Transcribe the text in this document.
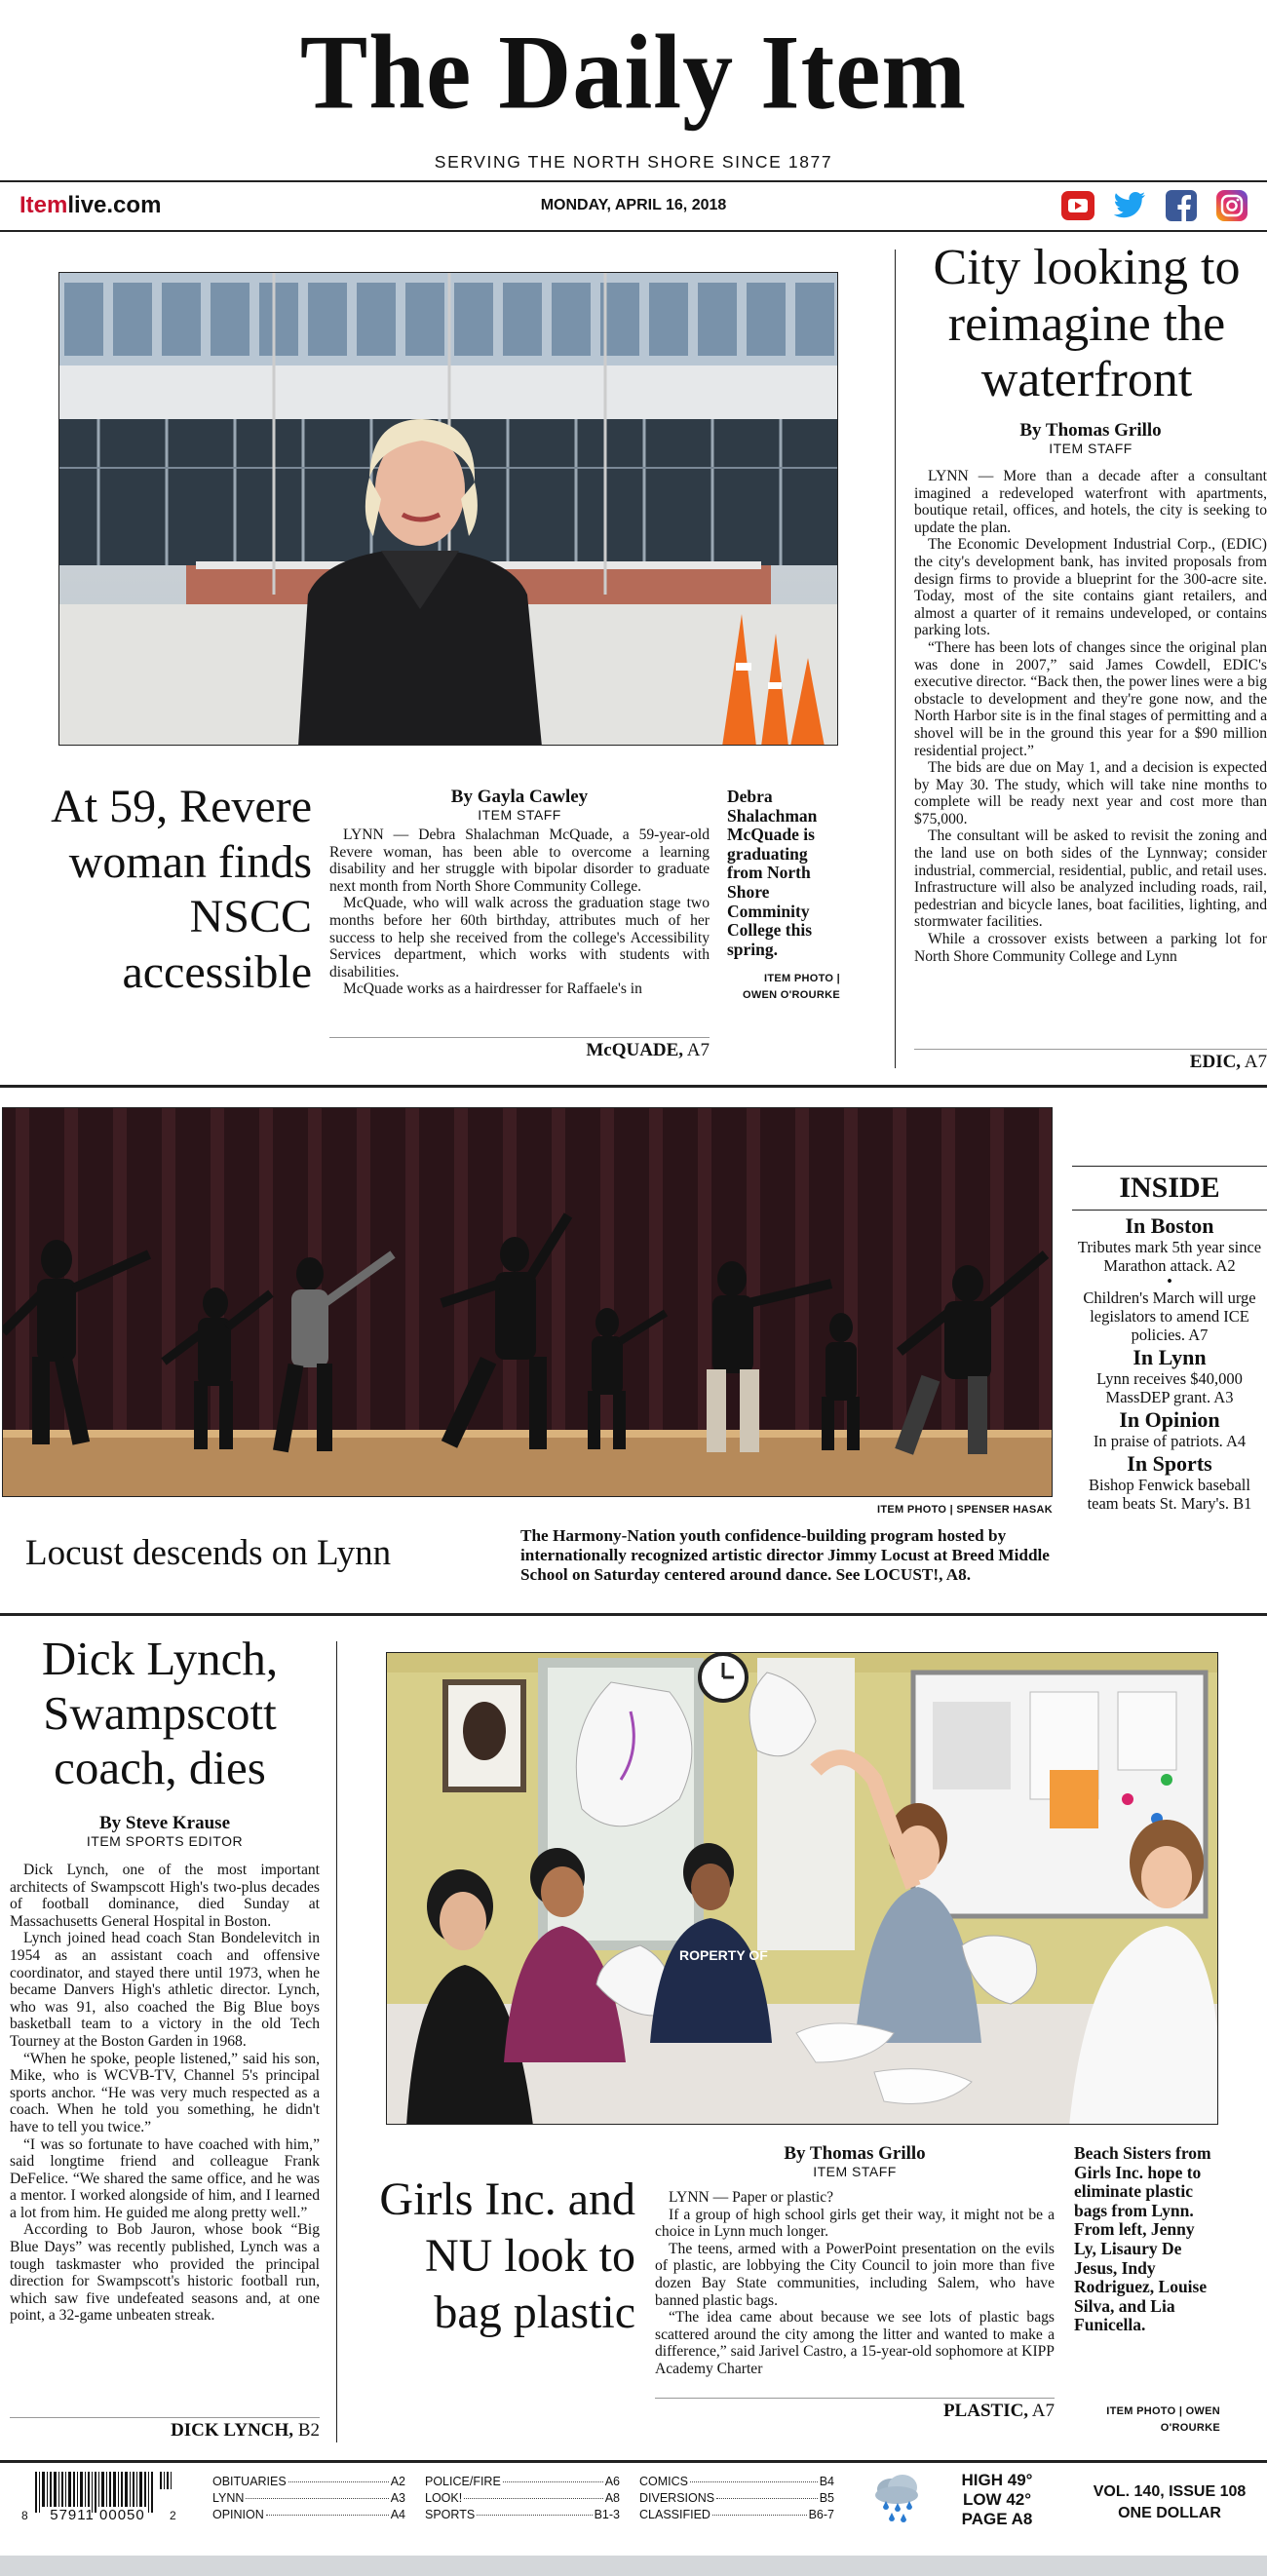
The Daily Item
SERVING THE NORTH SHORE SINCE 1877
Itemlive.com	MONDAY, APRIL 16, 2018
At 59, Revere woman finds NSCC accessible
By Gayla Cawley
ITEM STAFF

LYNN — Debra Shalachman McQuade, a 59-year-old Revere woman, has been able to overcome a learning disability and her struggle with bipolar disorder to graduate next month from North Shore Community College.

McQuade, who will walk across the graduation stage two months before her 60th birthday, attributes much of her success to help she received from the college's Accessibility Services department, which works with students with disabilities.

McQuade works as a hairdresser for Raffaele's in

McQUADE, A7
Debra Shalachman McQuade is graduating from North Shore Comminity College this spring.
ITEM PHOTO |
OWEN O'ROURKE
City looking to reimagine the waterfront
By Thomas Grillo
ITEM STAFF

LYNN — More than a decade after a consultant imagined a redeveloped waterfront with apartments, boutique retail, offices, and hotels, the city is seeking to update the plan.

The Economic Development Industrial Corp., (EDIC) the city's development bank, has invited proposals from design firms to provide a blueprint for the 300-acre site. Today, most of the site contains giant retailers, and almost a quarter of it remains undeveloped, or contains parking lots.

“There has been lots of changes since the original plan was done in 2007,” said James Cowdell, EDIC's executive director. “Back then, the power lines were a big obstacle to development and they're gone now, and the North Harbor site is in the final stages of permitting and a shovel will be in the ground this year for a $90 million residential project.”

The bids are due on May 1, and a decision is expected by May 30. The study, which will take nine months to complete will be ready next year and cost more than $75,000.

The consultant will be asked to revisit the zoning and the land use on both sides of the Lynnway; consider industrial, commercial, residential, public, and retail uses. Infrastructure will also be analyzed including roads, rail, pedestrian and bicycle lanes, boat facilities, lighting, and stormwater facilities.

While a crossover exists between a parking lot for North Shore Community College and Lynn

EDIC, A7
ITEM PHOTO | SPENSER HASAK
Locust descends on Lynn	The Harmony-Nation youth confidence-building program hosted by internationally recognized artistic director Jimmy Locust at Breed Middle School on Saturday centered around dance. See LOCUST!, A8.
INSIDE
In Boston
Tributes mark 5th year since Marathon attack. A2
•
Children's March will urge legislators to amend ICE policies. A7
In Lynn
Lynn receives $40,000 MassDEP grant. A3
In Opinion
In praise of patriots. A4
In Sports
Bishop Fenwick baseball team beats St. Mary's. B1
Dick Lynch, Swampscott coach, dies
By Steve Krause
ITEM SPORTS EDITOR

Dick Lynch, one of the most important architects of Swampscott High's two-plus decades of football dominance, died Sunday at Massachusetts General Hospital in Boston.

Lynch joined head coach Stan Bondelevitch in 1954 as an assistant coach and offensive coordinator, and stayed there until 1973, when he became Danvers High's athletic director. Lynch, who was 91, also coached the Big Blue boys basketball team to a victory in the old Tech Tourney at the Boston Garden in 1968.

“When he spoke, people listened,” said his son, Mike, who is WCVB-TV, Channel 5's principal sports anchor. “He was very much respected as a coach. When he told you something, he didn't have to tell you twice.”

“I was so fortunate to have coached with him,” said longtime friend and colleague Frank DeFelice. “We shared the same office, and he was a mentor. I worked alongside of him, and I learned a lot from him. He guided me along pretty well.”

According to Bob Jauron, whose book “Big Blue Days” was recently published, Lynch was a tough taskmaster who provided the principal direction for Swampscott's historic football run, which saw five undefeated seasons and, at one point, a 32-game unbeaten streak.

DICK LYNCH, B2
ROPERTY OF
Girls Inc. and NU look to bag plastic
By Thomas Grillo
ITEM STAFF

LYNN — Paper or plastic?

If a group of high school girls get their way, it might not be a choice in Lynn much longer.

The teens, armed with a PowerPoint presentation on the evils of plastic, are lobbying the City Council to join more than five dozen Bay State communities, including Salem, who have banned plastic bags.

“The idea came about because we see lots of plastic bags scattered around the city among the litter and wanted to make a difference,” said Jarivel Castro, a 15-year-old sophomore at KIPP Academy Charter

PLASTIC, A7
Beach Sisters from Girls Inc. hope to eliminate plastic bags from Lynn. From left, Jenny Ly, Lisaury De Jesus, Indy Rodriguez, Louise Silva, and Lia Funicella.
ITEM PHOTO | OWEN
O'ROURKE
8	57911 00050	2
OBITUARIES	A2
LYNN	A3
OPINION	A4
POLICE/FIRE	A6
LOOK!	A8
SPORTS	B1-3
COMICS	B4
DIVERSIONS	B5
CLASSIFIED	B6-7
HIGH 49°
LOW 42°
PAGE A8
VOL. 140, ISSUE 108
ONE DOLLAR
